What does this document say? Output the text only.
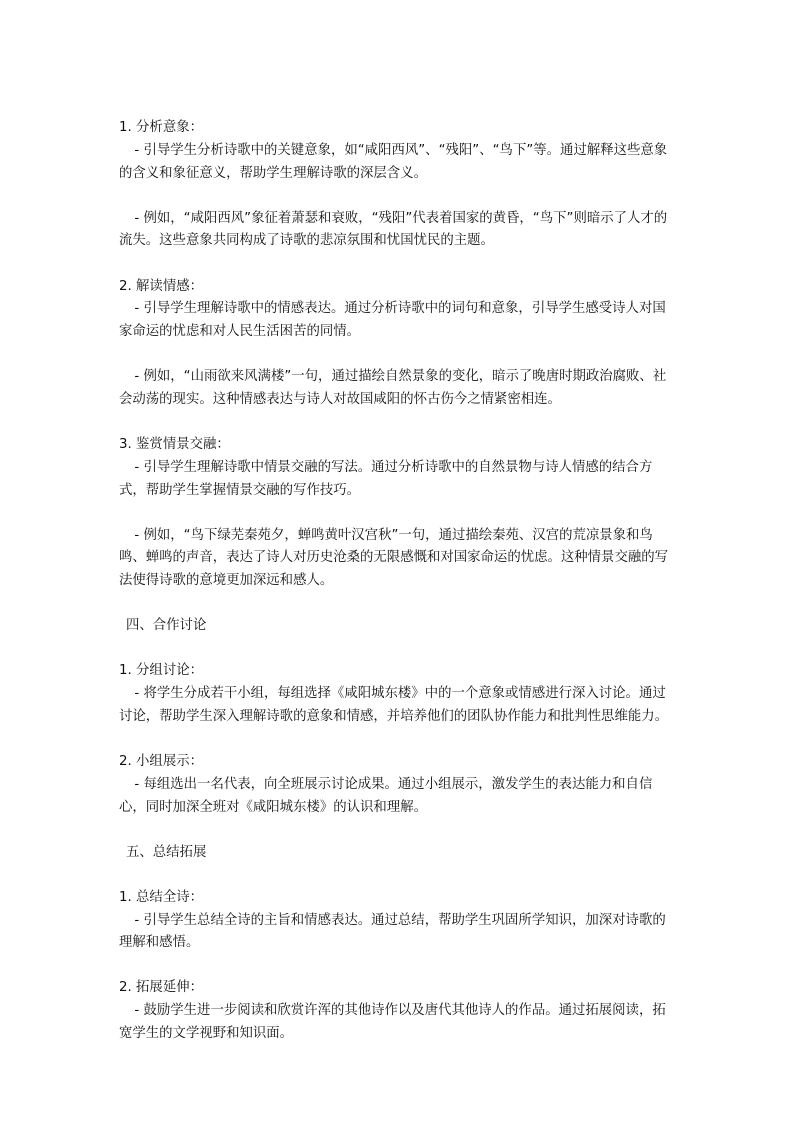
1. 分析意象：

- 引导学生分析诗歌中的关键意象，如“咸阳西风”、“残阳”、“鸟下”等。通过解释这些意象的含义和象征意义，帮助学生理解诗歌的深层含义。

- 例如，“咸阳西风”象征着萧瑟和衰败，“残阳”代表着国家的黄昏，“鸟下”则暗示了人才的流失。这些意象共同构成了诗歌的悲凉氛围和忧国忧民的主题。

2. 解读情感：

- 引导学生理解诗歌中的情感表达。通过分析诗歌中的词句和意象，引导学生感受诗人对国家命运的忧虑和对人民生活困苦的同情。

- 例如，“山雨欲来风满楼”一句，通过描绘自然景象的变化，暗示了晚唐时期政治腐败、社会动荡的现实。这种情感表达与诗人对故国咸阳的怀古伤今之情紧密相连。

3. 鉴赏情景交融：

- 引导学生理解诗歌中情景交融的写法。通过分析诗歌中的自然景物与诗人情感的结合方式，帮助学生掌握情景交融的写作技巧。

- 例如，“鸟下绿芜秦苑夕，蝉鸣黄叶汉宫秋”一句，通过描绘秦苑、汉宫的荒凉景象和鸟鸣、蝉鸣的声音，表达了诗人对历史沧桑的无限感慨和对国家命运的忧虑。这种情景交融的写法使得诗歌的意境更加深远和感人。

四、合作讨论
1. 分组讨论：

- 将学生分成若干小组，每组选择《咸阳城东楼》中的一个意象或情感进行深入讨论。通过讨论，帮助学生深入理解诗歌的意象和情感，并培养他们的团队协作能力和批判性思维能力。

2. 小组展示：

- 每组选出一名代表，向全班展示讨论成果。通过小组展示，激发学生的表达能力和自信心，同时加深全班对《咸阳城东楼》的认识和理解。

五、总结拓展
1. 总结全诗：

- 引导学生总结全诗的主旨和情感表达。通过总结，帮助学生巩固所学知识，加深对诗歌的理解和感悟。

2. 拓展延伸：

- 鼓励学生进一步阅读和欣赏许浑的其他诗作以及唐代其他诗人的作品。通过拓展阅读，拓宽学生的文学视野和知识面。
